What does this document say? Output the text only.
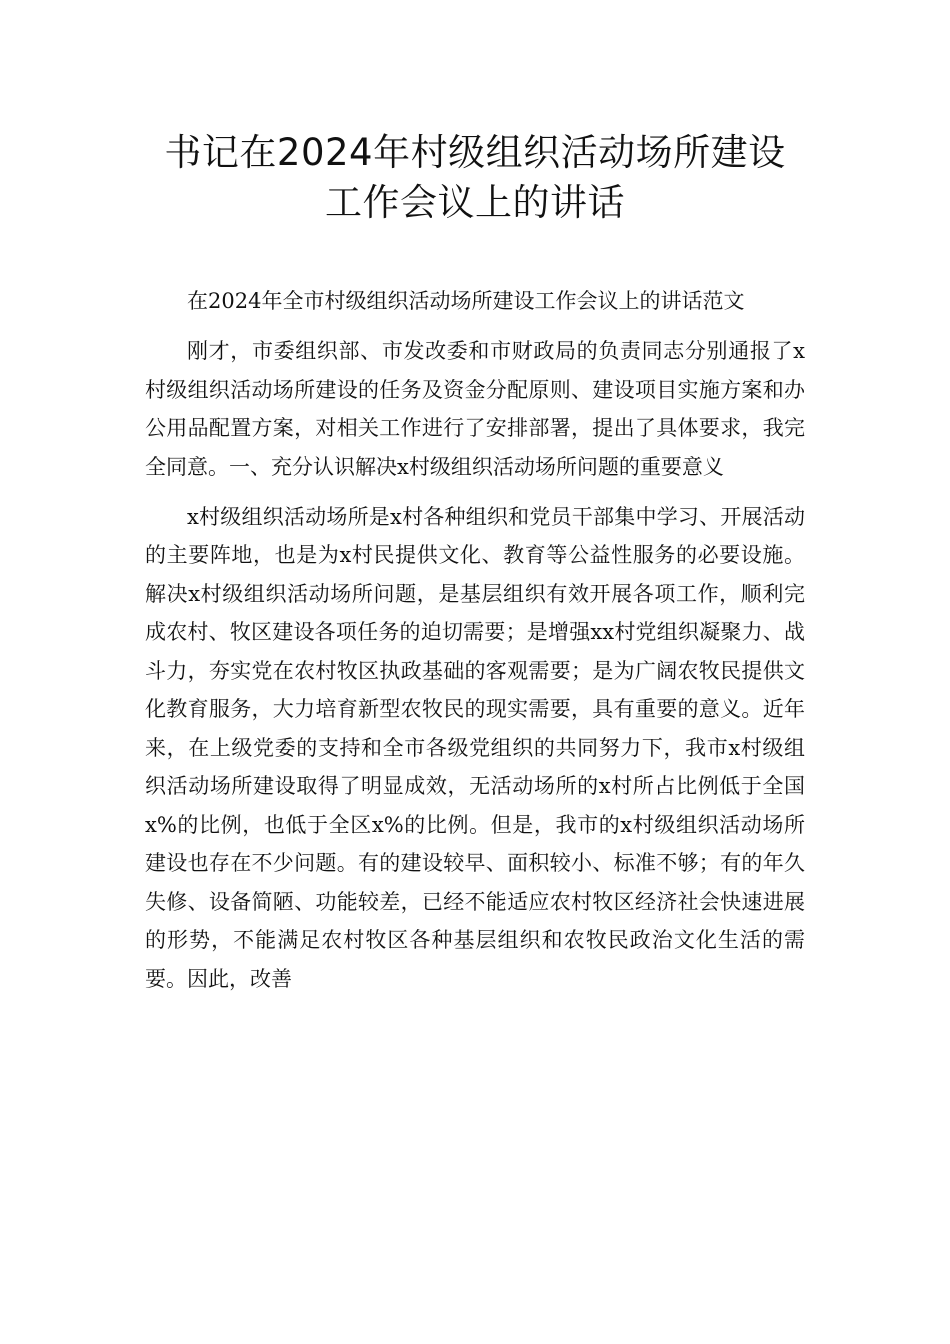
书记在2024年村级组织活动场所建设
工作会议上的讲话

在2024年全市村级组织活动场所建设工作会议上的讲话范文

刚才，市委组织部、市发改委和市财政局的负责同志分别通报了x村级组织活动场所建设的任务及资金分配原则、建设项目实施方案和办公用品配置方案，对相关工作进行了安排部署，提出了具体要求，我完全同意。一、充分认识解决x村级组织活动场所问题的重要意义

x村级组织活动场所是x村各种组织和党员干部集中学习、开展活动的主要阵地，也是为x村民提供文化、教育等公益性服务的必要设施。解决x村级组织活动场所问题，是基层组织有效开展各项工作，顺利完成农村、牧区建设各项任务的迫切需要；是增强xx村党组织凝聚力、战斗力，夯实党在农村牧区执政基础的客观需要；是为广阔农牧民提供文化教育服务，大力培育新型农牧民的现实需要，具有重要的意义。近年来，在上级党委的支持和全市各级党组织的共同努力下，我市x村级组织活动场所建设取得了明显成效，无活动场所的x村所占比例低于全国x%的比例，也低于全区x%的比例。但是，我市的x村级组织活动场所建设也存在不少问题。有的建设较早、面积较小、标准不够；有的年久失修、设备简陋、功能较差，已经不能适应农村牧区经济社会快速进展的形势，不能满足农村牧区各种基层组织和农牧民政治文化生活的需要。因此，改善
